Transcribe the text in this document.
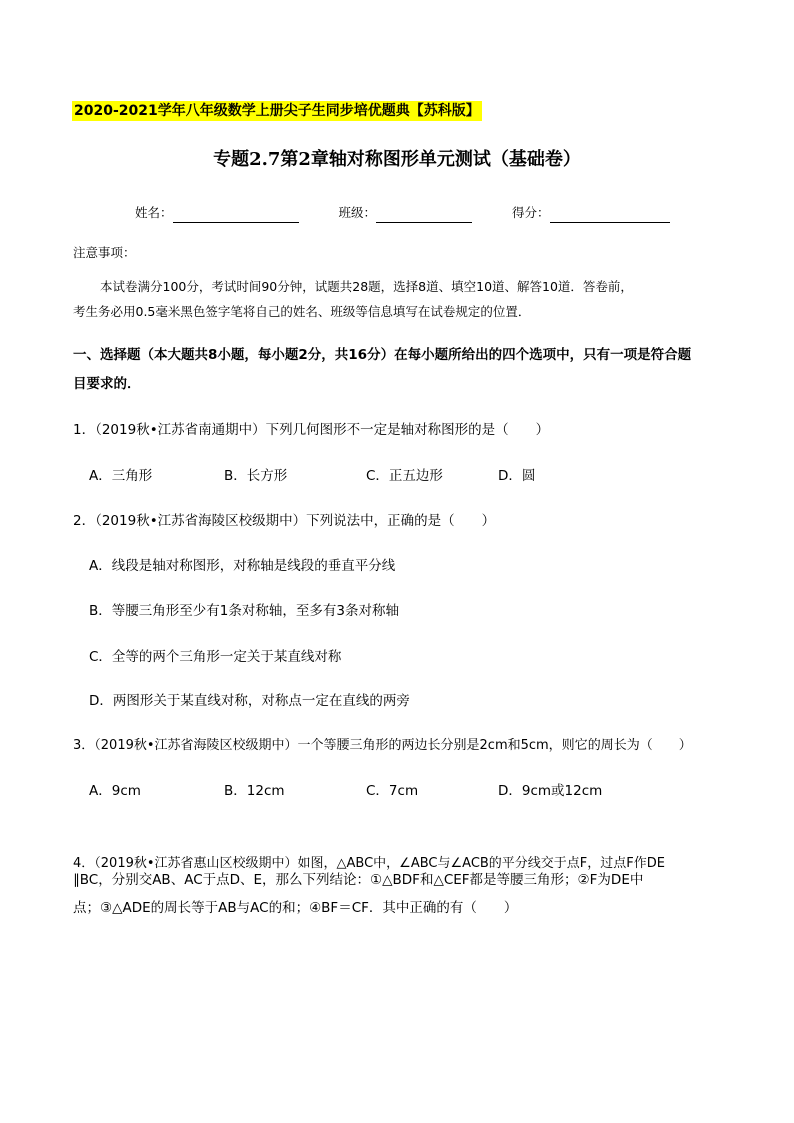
2020-2021学年八年级数学上册尖子生同步培优题典【苏科版】
专题2.7第2章轴对称图形单元测试（基础卷）
姓名：	班级：	得分：
注意事项：
本试卷满分100分，考试时间90分钟，试题共28题，选择8道、填空10道、解答10道．答卷前，
考生务必用0.5毫米黑色签字笔将自己的姓名、班级等信息填写在试卷规定的位置．
一、选择题（本大题共8小题，每小题2分，共16分）在每小题所给出的四个选项中，只有一项是符合题
目要求的．
1．（2019秋•江苏省南通期中）下列几何图形不一定是轴对称图形的是（　　）
A．三角形	B．长方形	C．正五边形	D．圆
2．（2019秋•江苏省海陵区校级期中）下列说法中，正确的是（　　）
A．线段是轴对称图形，对称轴是线段的垂直平分线
B．等腰三角形至少有1条对称轴，至多有3条对称轴
C．全等的两个三角形一定关于某直线对称
D．两图形关于某直线对称，对称点一定在直线的两旁
3．（2019秋•江苏省海陵区校级期中）一个等腰三角形的两边长分别是2cm和5cm，则它的周长为（　　）
A．9cm	B．12cm	C．7cm	D．9cm或12cm
4．（2019秋•江苏省惠山区校级期中）如图，△ABC中，∠ABC与∠ACB的平分线交于点F，过点F作DE
∥BC，分别交AB、AC于点D、E，那么下列结论：①△BDF和△CEF都是等腰三角形；②F为DE中
点；③△ADE的周长等于AB与AC的和；④BF＝CF．其中正确的有（　　）
